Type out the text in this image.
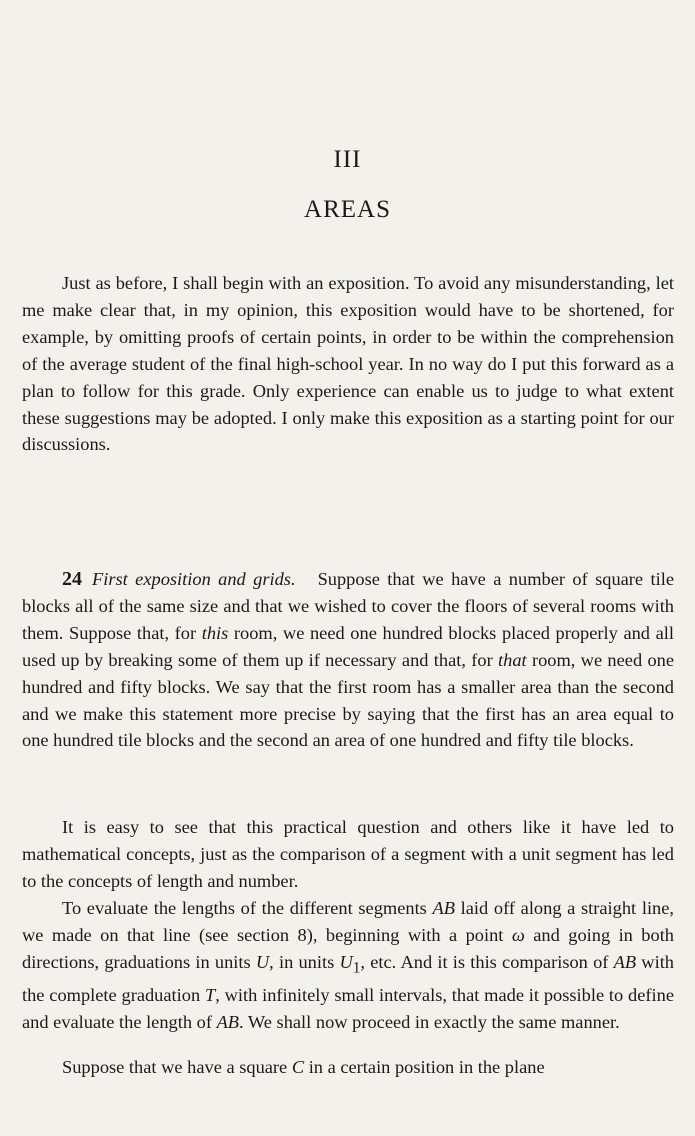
III
AREAS

Just as before, I shall begin with an exposition. To avoid any misunderstanding, let me make clear that, in my opinion, this exposition would have to be shortened, for example, by omitting proofs of certain points, in order to be within the comprehension of the average student of the final high-school year. In no way do I put this forward as a plan to follow for this grade. Only experience can enable us to judge to what extent these suggestions may be adopted. I only make this exposition as a starting point for our discussions.

24 First exposition and grids. Suppose that we have a number of square tile blocks all of the same size and that we wished to cover the floors of several rooms with them. Suppose that, for this room, we need one hundred blocks placed properly and all used up by breaking some of them up if necessary and that, for that room, we need one hundred and fifty blocks. We say that the first room has a smaller area than the second and we make this statement more precise by saying that the first has an area equal to one hundred tile blocks and the second an area of one hundred and fifty tile blocks.

It is easy to see that this practical question and others like it have led to mathematical concepts, just as the comparison of a segment with a unit segment has led to the concepts of length and number.

To evaluate the lengths of the different segments AB laid off along a straight line, we made on that line (see section 8), beginning with a point ω and going in both directions, graduations in units U, in units $U_1$, etc. And it is this comparison of AB with the complete graduation T, with infinitely small intervals, that made it possible to define and evaluate the length of AB. We shall now proceed in exactly the same manner.

Suppose that we have a square C in a certain position in the plane
